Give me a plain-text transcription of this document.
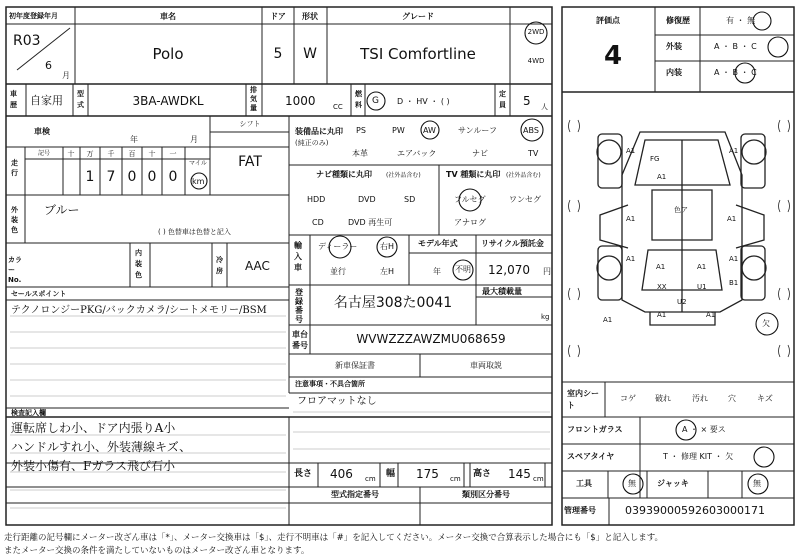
初年度登録年月	車名	ドア 形状	グレード
R03
6
月
Polo	5 W	TSI Comfortline
2WD
4WD
車歴 自家用 型式	3BA-AWDKL
排気量 1000 CC
燃料 G D ・ HV ・ ( )
定員 5 人
車検
年	月
シフト
FAT
走行
記号 十 万 千 百 十 一
1 7 0 0 0
マイル
km
装備品に丸印
(純正のみ)
PS	PW AW	サンルーフ	ABS
本革	エアバック	ナビ	TV
ナビ種類に丸印 (社外品含む)
HDD	DVD	SD
CD	DVD 再生可
TV 種類に丸印 (社外品含む)
フルセグ	ワンセグ
アナログ
外装色
ブルー
( ) 色替車は色替と記入
輸入車
ディーラー
並行
右H
左H
モデル年式
年 不明
リサイクル預託金
12,070 円
カラーNo.
内装色
冷房 AAC
セールスポイント
テクノロンジーPKG/バックカメラ/シートメモリー/BSM
登録番号
名古屋308た0041
最大積載量
kg
車台番号	WVWZZZAWZMU068659
新車保証書	車両取説
注意事項・不具合箇所
フロアマットなし
検査記入欄
運転席しわ小、ドア内張りA小
ハンドルすれ小、外装薄線キズ、
外装小傷有、Fガラス飛び石小
長さ 406 cm 幅 175 cm 高さ 145 cm
型式指定番号	類別区分番号
評価点
4
修復歴	有 ・ 無
外装	A ・ B ・ C
内装	A ・ B ・ C
A1
A1	A1
A1	A1
A1	A1
A1	A1
B1
XX	U1
U2
A1	A1
A1
FG
色ア
欠
室内シート
コゲ 破れ	汚れ	穴	キズ
フロントガラス	A ・ × 要ス
スペアタイヤ	T ・ 修理 KIT ・ 欠
工具	無	ジャッキ	無
管理番号	03939000592603000171
走行距離の記号欄にメーター改ざん車は「*」、メーター交換車は「$」、走行不明車は「#」を記入してください。メーター交換で合算表示した場合にも「$」と記入します。
またメーター交換の条件を満たしていないものはメーター改ざん車となります。
